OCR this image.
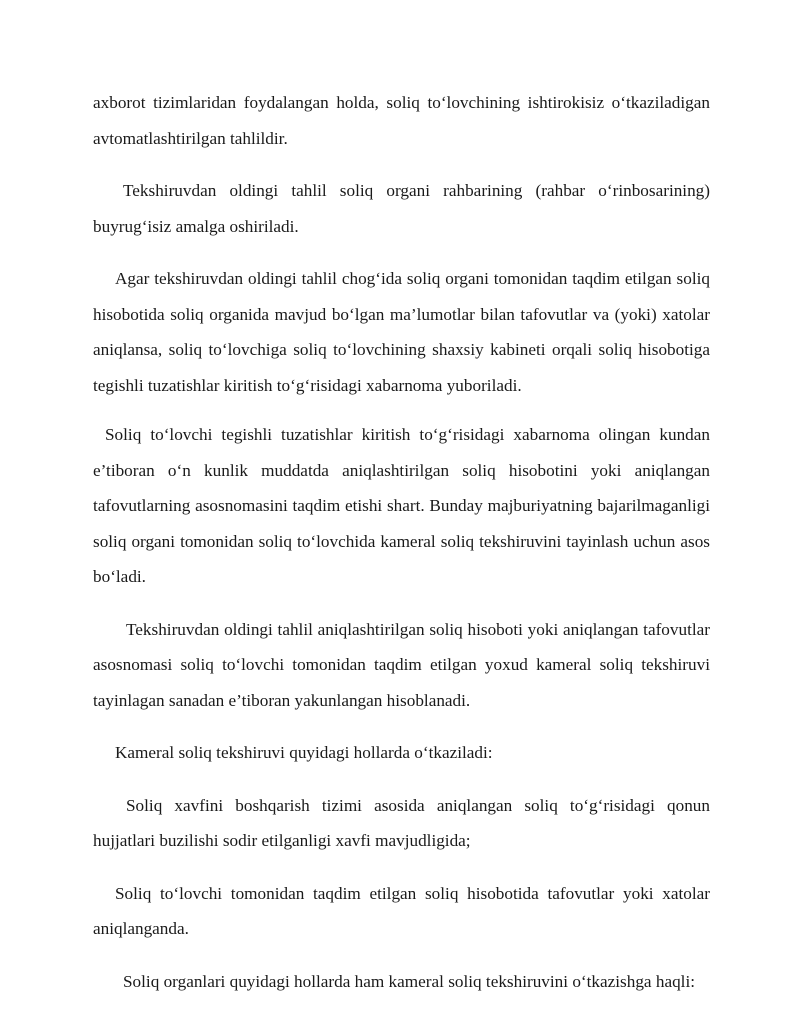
axborot tizimlaridan foydalangan holda, soliq to‘lovchining ishtirokisiz o‘tkaziladigan avtomatlashtirilgan tahlildir.

Tekshiruvdan oldingi tahlil soliq organi rahbarining (rahbar o‘rinbosarining) buyrug‘isiz amalga oshiriladi.

Agar tekshiruvdan oldingi tahlil chog‘ida soliq organi tomonidan taqdim etilgan soliq hisobotida soliq organida mavjud bo‘lgan ma’lumotlar bilan tafovutlar va (yoki) xatolar aniqlansa, soliq to‘lovchiga soliq to‘lovchining shaxsiy kabineti orqali soliq hisobotiga tegishli tuzatishlar kiritish to‘g‘risidagi xabarnoma yuboriladi.

Soliq to‘lovchi tegishli tuzatishlar kiritish to‘g‘risidagi xabarnoma olingan kundan e’tiboran o‘n kunlik muddatda aniqlashtirilgan soliq hisobotini yoki aniqlangan tafovutlarning asosnomasini taqdim etishi shart. Bunday majburiyatning bajarilmaganligi soliq organi tomonidan soliq to‘lovchida kameral soliq tekshiruvini tayinlash uchun asos bo‘ladi.

Tekshiruvdan oldingi tahlil aniqlashtirilgan soliq hisoboti yoki aniqlangan tafovutlar asosnomasi soliq to‘lovchi tomonidan taqdim etilgan yoxud kameral soliq tekshiruvi tayinlagan sanadan e’tiboran yakunlangan hisoblanadi.

Kameral soliq tekshiruvi quyidagi hollarda o‘tkaziladi:

Soliq xavfini boshqarish tizimi asosida aniqlangan soliq to‘g‘risidagi qonun hujjatlari buzilishi sodir etilganligi xavfi mavjudligida;

Soliq to‘lovchi tomonidan taqdim etilgan soliq hisobotida tafovutlar yoki xatolar aniqlanganda.

Soliq organlari quyidagi hollarda ham kameral soliq tekshiruvini o‘tkazishga haqli:
